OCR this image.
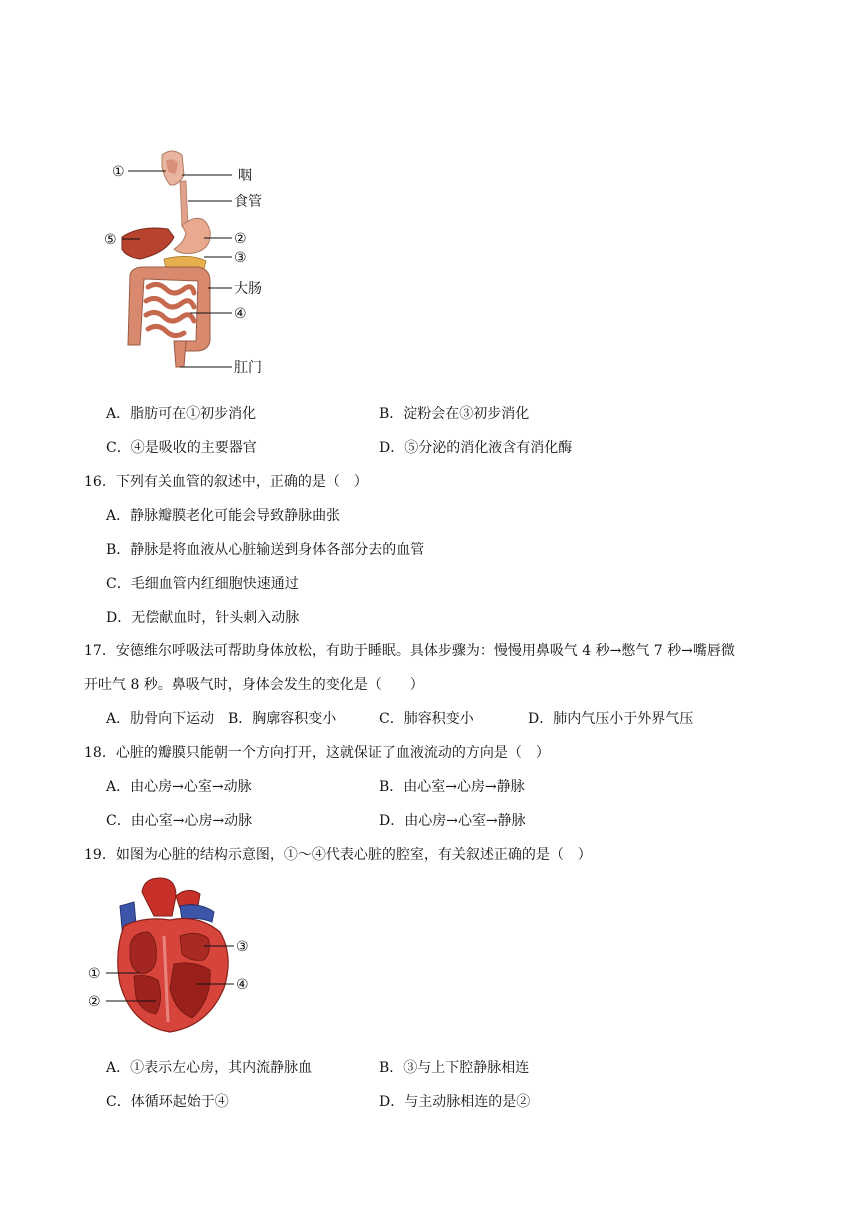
①	咽
食管
⑤	②
③
大肠
④
肛门
A．脂肪可在①初步消化	B．淀粉会在③初步消化
C．④是吸收的主要器官	D．⑤分泌的消化液含有消化酶
16．下列有关血管的叙述中，正确的是（　）
A．静脉瓣膜老化可能会导致静脉曲张
B．静脉是将血液从心脏输送到身体各部分去的血管
C．毛细血管内红细胞快速通过
D．无偿献血时，针头刺入动脉
17．安德维尔呼吸法可帮助身体放松，有助于睡眠。具体步骤为：慢慢用鼻吸气 4 秒→憋气 7 秒→嘴唇微
开吐气 8 秒。鼻吸气时，身体会发生的变化是（　　）
A．肋骨向下运动 B．胸廓容积变小	C．肺容积变小	D．肺内气压小于外界气压
18．心脏的瓣膜只能朝一个方向打开，这就保证了血液流动的方向是（　）
A．由心房→心室→动脉	B．由心室→心房→静脉
C．由心室→心房→动脉	D．由心房→心室→静脉
19．如图为心脏的结构示意图，①～④代表心脏的腔室，有关叙述正确的是（　）
①
②
③
④
A．①表示左心房，其内流静脉血	B．③与上下腔静脉相连
C．体循环起始于④	D．与主动脉相连的是②
